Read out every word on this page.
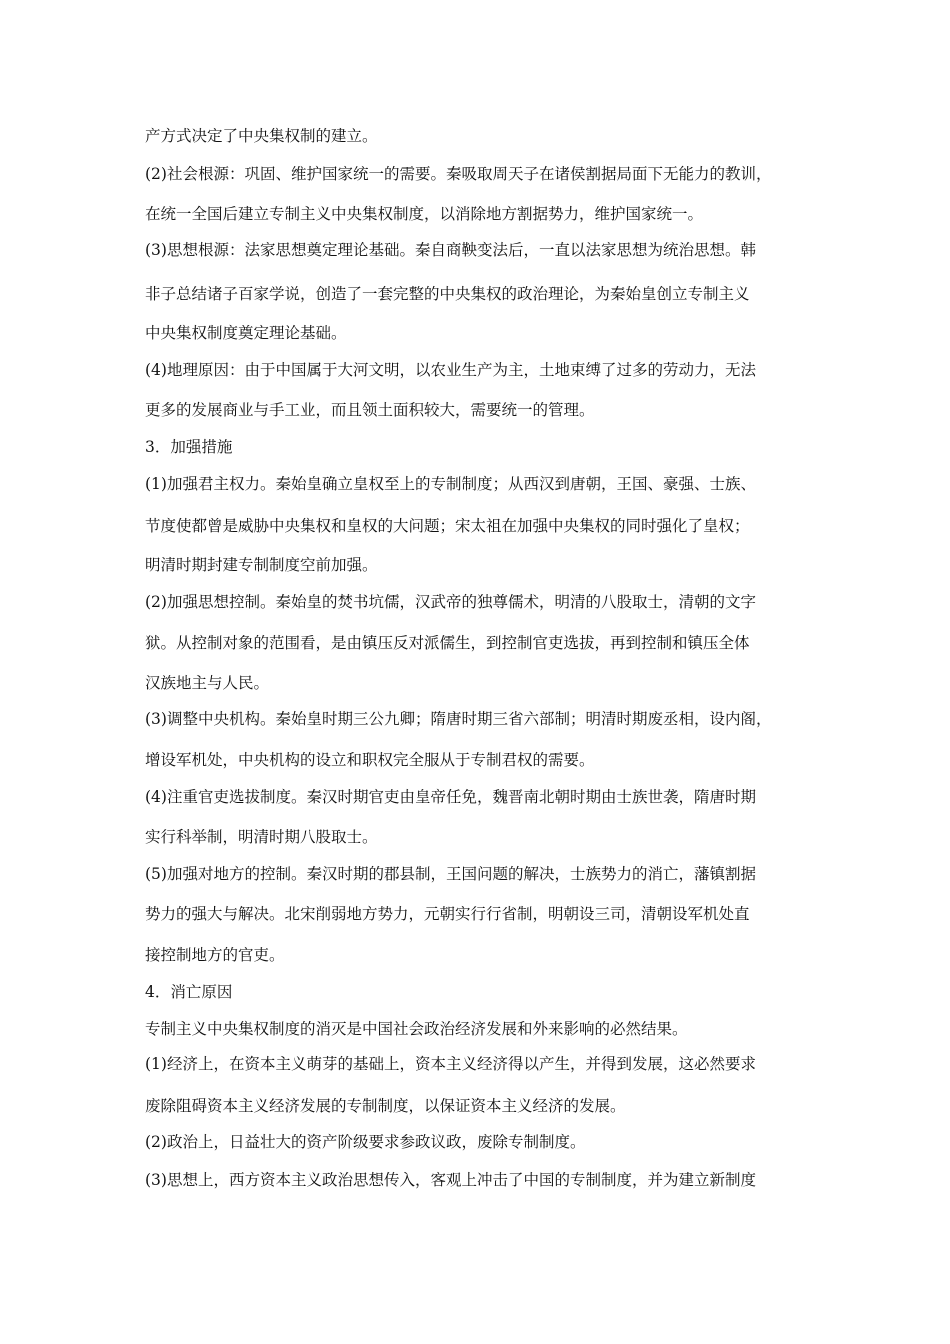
产方式决定了中央集权制的建立。
(2)社会根源：巩固、维护国家统一的需要。秦吸取周天子在诸侯割据局面下无能力的教训，
在统一全国后建立专制主义中央集权制度，以消除地方割据势力，维护国家统一。
(3)思想根源：法家思想奠定理论基础。秦自商鞅变法后，一直以法家思想为统治思想。韩
非子总结诸子百家学说，创造了一套完整的中央集权的政治理论，为秦始皇创立专制主义
中央集权制度奠定理论基础。
(4)地理原因：由于中国属于大河文明，以农业生产为主，土地束缚了过多的劳动力，无法
更多的发展商业与手工业，而且领土面积较大，需要统一的管理。
3．加强措施
(1)加强君主权力。秦始皇确立皇权至上的专制制度；从西汉到唐朝，王国、豪强、士族、
节度使都曾是威胁中央集权和皇权的大问题；宋太祖在加强中央集权的同时强化了皇权；
明清时期封建专制制度空前加强。
(2)加强思想控制。秦始皇的焚书坑儒，汉武帝的独尊儒术，明清的八股取士，清朝的文字
狱。从控制对象的范围看，是由镇压反对派儒生，到控制官吏选拔，再到控制和镇压全体
汉族地主与人民。
(3)调整中央机构。秦始皇时期三公九卿；隋唐时期三省六部制；明清时期废丞相，设内阁，
增设军机处，中央机构的设立和职权完全服从于专制君权的需要。
(4)注重官吏选拔制度。秦汉时期官吏由皇帝任免，魏晋南北朝时期由士族世袭，隋唐时期
实行科举制，明清时期八股取士。
(5)加强对地方的控制。秦汉时期的郡县制，王国问题的解决，士族势力的消亡，藩镇割据
势力的强大与解决。北宋削弱地方势力，元朝实行行省制，明朝设三司，清朝设军机处直
接控制地方的官吏。
4．消亡原因
专制主义中央集权制度的消灭是中国社会政治经济发展和外来影响的必然结果。
(1)经济上，在资本主义萌芽的基础上，资本主义经济得以产生，并得到发展，这必然要求
废除阻碍资本主义经济发展的专制制度，以保证资本主义经济的发展。
(2)政治上，日益壮大的资产阶级要求参政议政，废除专制制度。
(3)思想上，西方资本主义政治思想传入，客观上冲击了中国的专制制度，并为建立新制度
